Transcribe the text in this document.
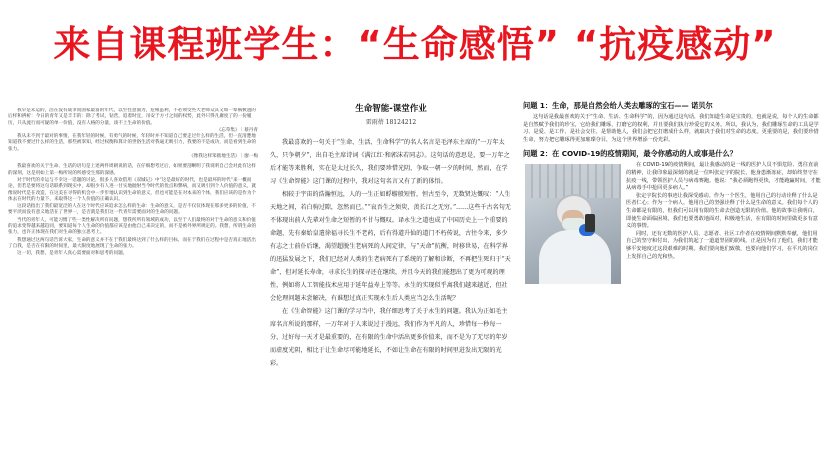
来自课程班学生：“生命感悟” “抗疫感动”

我早是未运的，活在没有战争而国家最富的年代，以至往意面为，危相虽利，不必须受些大老师众其又如一辈祸被遗的后样和辨析：今日的青年又是丰丰的：除了考试，钻营，追着时宜，吊安于方寸之间的权势，此外只得凡庸度了的一份履历，只从流行而可疑的单一价值，没有人格的分量，谈不上生命的价值。

《忘草集》｜蔡丹青

我从未不到于最对的事情，在我年轻的时候，有勇气的时候，年轻时并不知道自己要走过什么样的生活，但一直清楚地知道我不要过什么样的生活，那些被辜知，经过权衡和算计的世俗生活对我毫无吸引力，我要的不是成功，而是看到生命的张力。

《像我这样笨拙地生活》｜廖一梅

我最喜欢的关于生命、生话的语句是上述两件周朝说的话，在仔细想考过后，如果要剖晰明了我说明自己会对此有这样的深刻，这是用如上第一梅所说的所感受生那的深感。

对于时代的幸运与不幸这一话题的讨论，很多人喜欢借用《双城记》中“这是最好的时代，也是最坏的时代”来一概而论，但若是要将这句话联系到现实中，却很少有人进一甘实地抛射当今时代的优点和弊病，而又吸引到个人价值的意义，就像说时代是在改造，在这美在寻得的机会中一步步地认识到生命的意义，但也可能是在对本来的个体，我们应该的是作为个体去在时代的力量下，来取得这一个人价值的正确认识。

这段话指出了我们最宽泛的人在这个时代应该追求怎么样的生命：生命的意义，是否不仅仅体现在那多更多的价值，不要平淡而没有意义地活在了世界一，是否就是我们这一代青年需要面对的生命的问题。

当代的青年人，可能习惯了些一类性解决所有问题，想我所所有领域的成功，以至于人们最终的对于生命的意义和价值的追求变得越来越趋同，要知道每个人生命的价值都应该是由他自己来决定的，而不是被外界所规定的。我想，所谓生命的张力，也许正体现在我们对生命的独立思考上。

我想通过这两句话告诉大家，生命的意义并不在于我们最终达到了什么样的目标，而在于我们在过程中是否真正地活出了自我，是否在有限的时间里，最大限度地展现了生命的张力。

这一切，我想，是青年人真心需要面对和思考的问题。

生命智能-课堂作业
雷雨蓓 18124212

我最喜欢的一句关于“生命、生活、生命科学”的名人名言是毛泽东主席的“一万年太久，只争朝夕”，出自毛主席诗词《满江红·和郭沫若同志》。这句话的意思是，要一万年之后才能等来胜利，实在是太过长久，我们要珍惜光阴，争取一朝一夕的时间，然而，在学习《生命智能》这门课的过程中，我对这句名言又有了新的体悟。

相较于宇宙的浩瀚恒远，人的一生正如蜉蝣般短暂，恒古至今，无数贤达慨叹：“人生天地之间，若白驹过隙，忽然而已。”“哀吾生之须臾，羡长江之无穷。”……这些千古名句无不体现出前人先辈对生命之短暂的不甘与慨叹。译永生之道也成了中国历史上一个重要的命题，先有秦始皇遣徐福寻长生不老药，后有得道升仙的道门不朽传说，古往今来，多少有志之士前仆后继，渴望超脱生老病死的人间定律，与“天命”抗衡，时移世易，在科学界的迅猛发展之下，我们已经对人类的生老病死有了系统的了解和诊断，不再把生死归于“天命”，但对延长寿命，寻求长生的探寻还在继续，并且今天的我们能想出了更为可观的理性，例如将人工智能技术应用于延年益寿上等等。永生的实现似乎离我们越来越近，但社会伦理问题未尝解决，有谁想过真正实现永生后人类应当怎么生活呢？

在《生命智能》这门课的学习当中，我仔细思考了关于永生的问题。我认为正如毛主席名言所说的那样，一万年对于人来说过于漫远，我们作为平凡的人，珍惜每一秒每一分，过好每一天才是最重要的，在有限的生命中活出更多价值来，而不是为了无尽的年岁而虚度光阴，相比于让生命尽可能地延长，不如让生命在有限的时间里迸发出无限的光彩。

问题 1：生命，那是自然会给人类去雕琢的宝石—— 诺贝尔

这句话是我最喜欢的关于“生命、生活、生命科学”的，因为通过这句话，我们知道生命是宝贵的，也就是说，每个人的生命都是自然赋予我们的珍宝，它给我们雕琢，打磨它的权利，并且要我们执行珍爱它的义务。所以，我认为，我们雕琢生命的工具是学习、是爱、是工作、是社会交往、是帮助他人，我们会把它打磨成什么样，就取决于我们对生命的态度。更重要的是，我们要珍惜生命，努力把它雕琢得更加璀璨夺目，为这个世界增添一份光彩。

问题 2：在 COVID-19的疫情期间，最令你感动的人或事是什么？

在 COVID-19的疫情期间，最让我感动的是一线的医护人员不惧危险、勇往直前的精神，让我印象最深刻的就是一位叫张定宇的院长，他身患渐冻症，却始终坚守在抗疫一线，带领医护人员与病毒赛跑。他说：“我必须跑得更快，才能跑赢时间，才能从病毒手中抢回更多病人。”

张定宇院长的事迹让我深受感动。作为一个医生，他用自己的行动诠释了什么是医者仁心；作为一个病人，他用自己的坚强诠释了什么是生命的意义。我们每个人的生命都是有限的，但我们可以用有限的生命去创造无限的价值。他的故事让我明白，即使生命面临困境，我们也要勇敢地面对，积极地生活，在有限的时间里做更多有意义的事情。

同时，还有无数的医护人员、志愿者、社区工作者在疫情期间默默奉献，他们用自己的坚守和付出，为我们筑起了一道道坚固的防线。正是因为有了他们，我们才能够平安地度过这段艰难的时期。我们要向他们致敬，也要向他们学习，在平凡的岗位上发挥自己的光和热。
